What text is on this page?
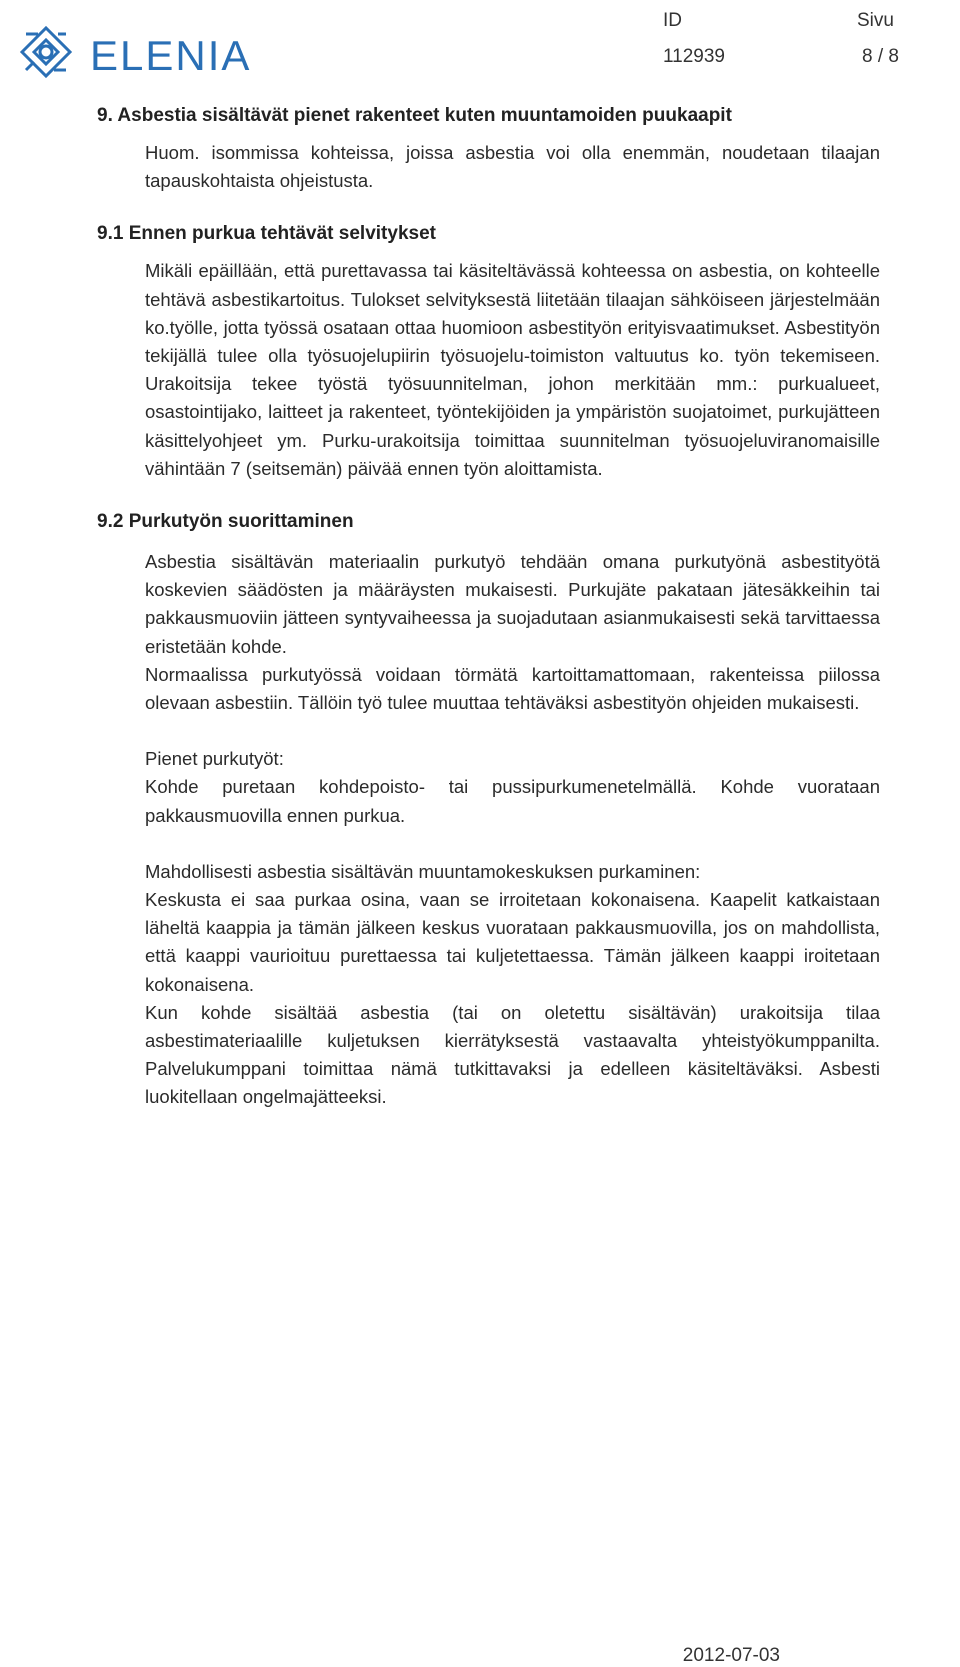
ELENIA
ID	Sivu
112939	8 / 8

9. Asbestia sisältävät pienet rakenteet kuten muuntamoiden puukaapit

Huom. isommissa kohteissa, joissa asbestia voi olla enemmän, noudetaan tilaajan tapauskohtaista ohjeistusta.

9.1 Ennen purkua tehtävät selvitykset

Mikäli epäillään, että purettavassa tai käsiteltävässä kohteessa on asbestia, on kohteelle tehtävä asbestikartoitus. Tulokset selvityksestä liitetään tilaajan sähköiseen järjestelmään ko.työlle, jotta työssä osataan ottaa huomioon asbestityön erityisvaatimukset. Asbestityön tekijällä tulee olla työsuojelupiirin työsuojelu-toimiston valtuutus ko. työn tekemiseen. Urakoitsija tekee työstä työsuunnitelman, johon merkitään mm.: purkualueet, osastointijako, laitteet ja rakenteet, työntekijöiden ja ympäristön suojatoimet, purkujätteen käsittelyohjeet ym. Purku-urakoitsija toimittaa suunnitelman työsuojeluviranomaisille vähintään 7 (seitsemän) päivää ennen työn aloittamista.

9.2 Purkutyön suorittaminen

Asbestia sisältävän materiaalin purkutyö tehdään omana purkutyönä asbestityötä koskevien säädösten ja määräysten mukaisesti. Purkujäte pakataan jätesäkkeihin tai pakkausmuoviin jätteen syntyvaiheessa ja suojadutaan asianmukaisesti sekä tarvittaessa eristetään kohde.

Normaalissa purkutyössä voidaan törmätä kartoittamattomaan, rakenteissa piilossa olevaan asbestiin. Tällöin työ tulee muuttaa tehtäväksi asbestityön ohjeiden mukaisesti.

Pienet purkutyöt:

Kohde puretaan kohdepoisto- tai pussipurkumenetelmällä. Kohde vuorataan pakkausmuovilla ennen purkua.

Mahdollisesti asbestia sisältävän muuntamokeskuksen purkaminen:

Keskusta ei saa purkaa osina, vaan se irroitetaan kokonaisena. Kaapelit katkaistaan läheltä kaappia ja tämän jälkeen keskus vuorataan pakkausmuovilla, jos on mahdollista, että kaappi vaurioituu purettaessa tai kuljetettaessa. Tämän jälkeen kaappi iroitetaan kokonaisena.

Kun kohde sisältää asbestia (tai on oletettu sisältävän) urakoitsija tilaa asbestimateriaalille kuljetuksen kierrätyksestä vastaavalta yhteistyökumppanilta. Palvelukumppani toimittaa nämä tutkittavaksi ja edelleen käsiteltäväksi. Asbesti luokitellaan ongelmajätteeksi.

2012-07-03
